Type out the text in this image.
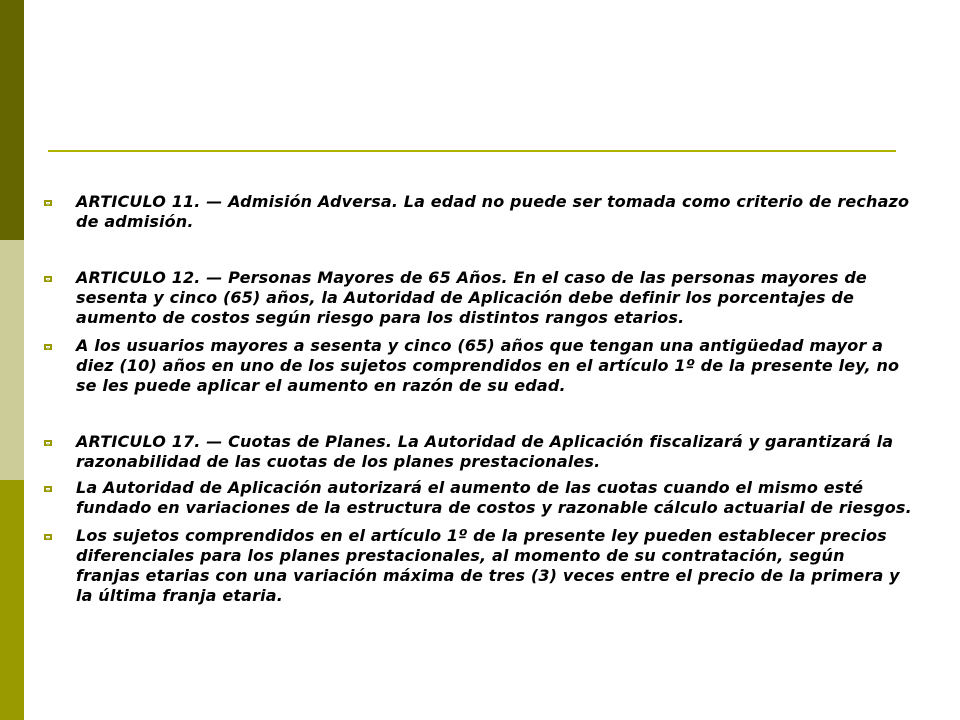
ARTICULO 11. — Admisión Adversa. La edad no puede ser tomada como criterio de rechazo de admisión.
ARTICULO 12. — Personas Mayores de 65 Años. En el caso de las personas mayores de sesenta y cinco (65) años, la Autoridad de Aplicación debe definir los porcentajes de aumento de costos según riesgo para los distintos rangos etarios.
A los usuarios mayores a sesenta y cinco (65) años que tengan una antigüedad mayor a diez (10) años en uno de los sujetos comprendidos en el artículo 1º de la presente ley, no se les puede aplicar el aumento en razón de su edad.
ARTICULO 17. — Cuotas de Planes. La Autoridad de Aplicación fiscalizará y garantizará la razonabilidad de las cuotas de los planes prestacionales.
La Autoridad de Aplicación autorizará el aumento de las cuotas cuando el mismo esté fundado en variaciones de la estructura de costos y razonable cálculo actuarial de riesgos.
Los sujetos comprendidos en el artículo 1º de la presente ley pueden establecer precios diferenciales para los planes prestacionales, al momento de su contratación, según franjas etarias con una variación máxima de tres (3) veces entre el precio de la primera y la última franja etaria.
